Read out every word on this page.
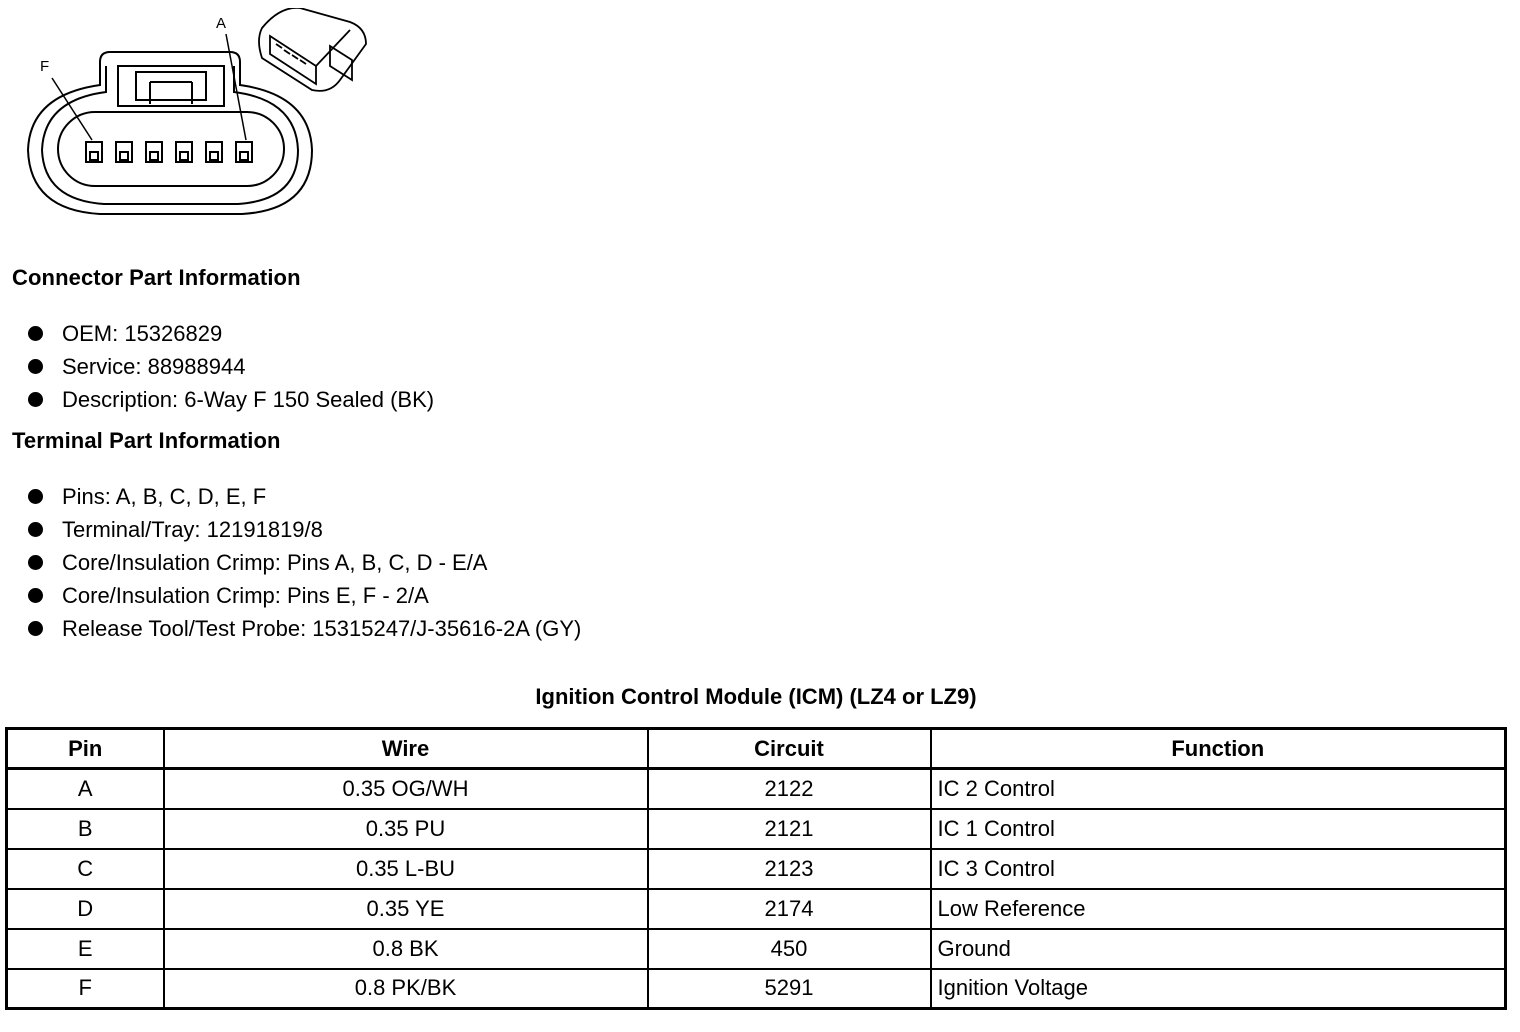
F
A
Connector Part Information
OEM: 15326829
Service: 88988944
Description: 6-Way F 150 Sealed (BK)
Terminal Part Information
Pins: A, B, C, D, E, F
Terminal/Tray: 12191819/8
Core/Insulation Crimp: Pins A, B, C, D - E/A
Core/Insulation Crimp: Pins E, F - 2/A
Release Tool/Test Probe: 15315247/J-35616-2A (GY)
Ignition Control Module (ICM) (LZ4 or LZ9)
Pin	Wire	Circuit	Function
A	0.35 OG/WH	2122	IC 2 Control
B	0.35 PU	2121	IC 1 Control
C	0.35 L-BU	2123	IC 3 Control
D	0.35 YE	2174	Low Reference
E	0.8 BK	450	Ground
F	0.8 PK/BK	5291	Ignition Voltage
